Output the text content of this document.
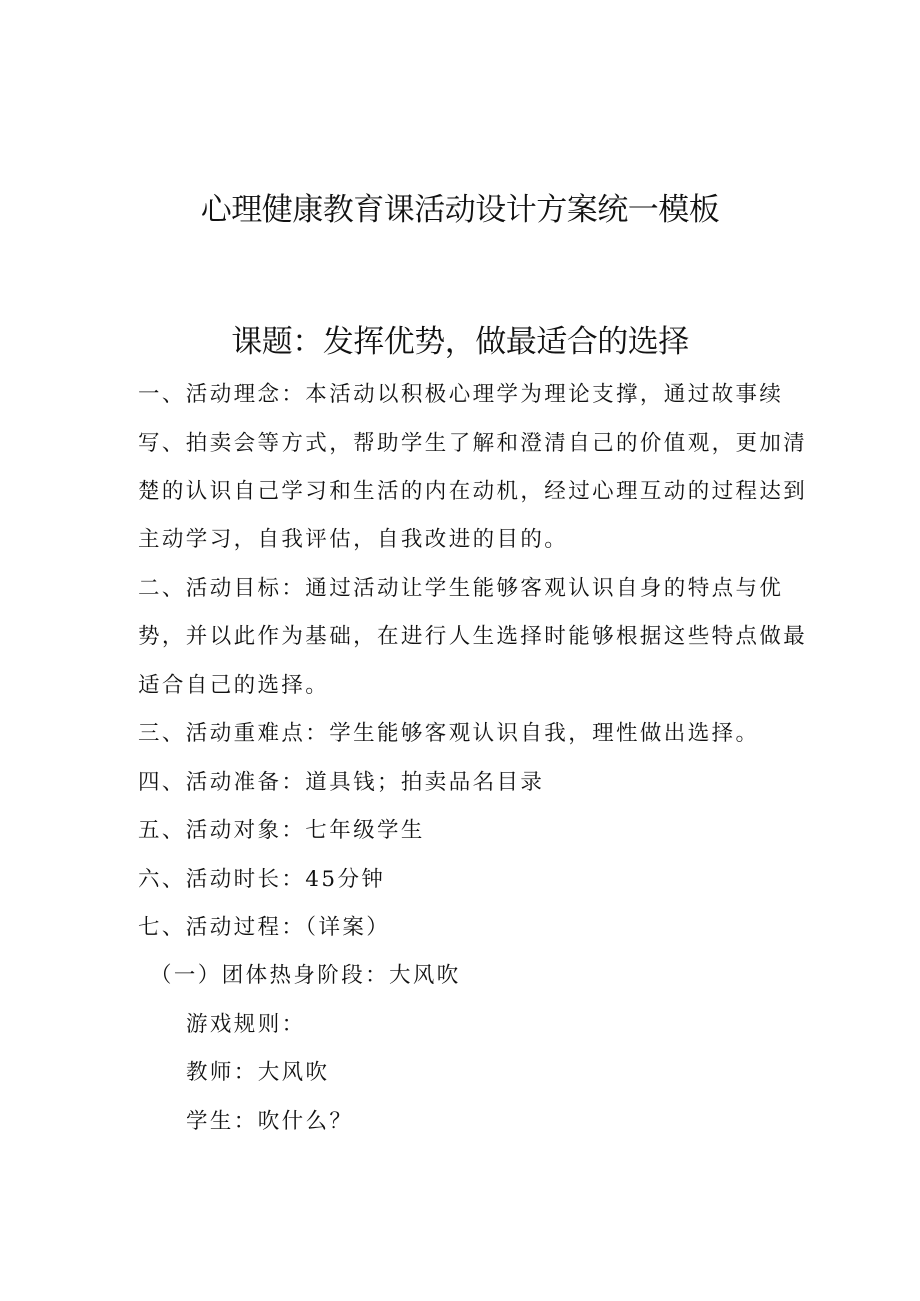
心理健康教育课活动设计方案统一模板
课题：发挥优势，做最适合的选择
一、活动理念：本活动以积极心理学为理论支撑，通过故事续
写、拍卖会等方式，帮助学生了解和澄清自己的价值观，更加清
楚的认识自己学习和生活的内在动机，经过心理互动的过程达到
主动学习，自我评估，自我改进的目的。
二、活动目标：通过活动让学生能够客观认识自身的特点与优
势，并以此作为基础，在进行人生选择时能够根据这些特点做最
适合自己的选择。
三、活动重难点：学生能够客观认识自我，理性做出选择。
四、活动准备：道具钱；拍卖品名目录
五、活动对象：七年级学生
六、活动时长：45分钟
七、活动过程：（详案）
（一）团体热身阶段：大风吹
游戏规则：
教师：大风吹
学生：吹什么？
